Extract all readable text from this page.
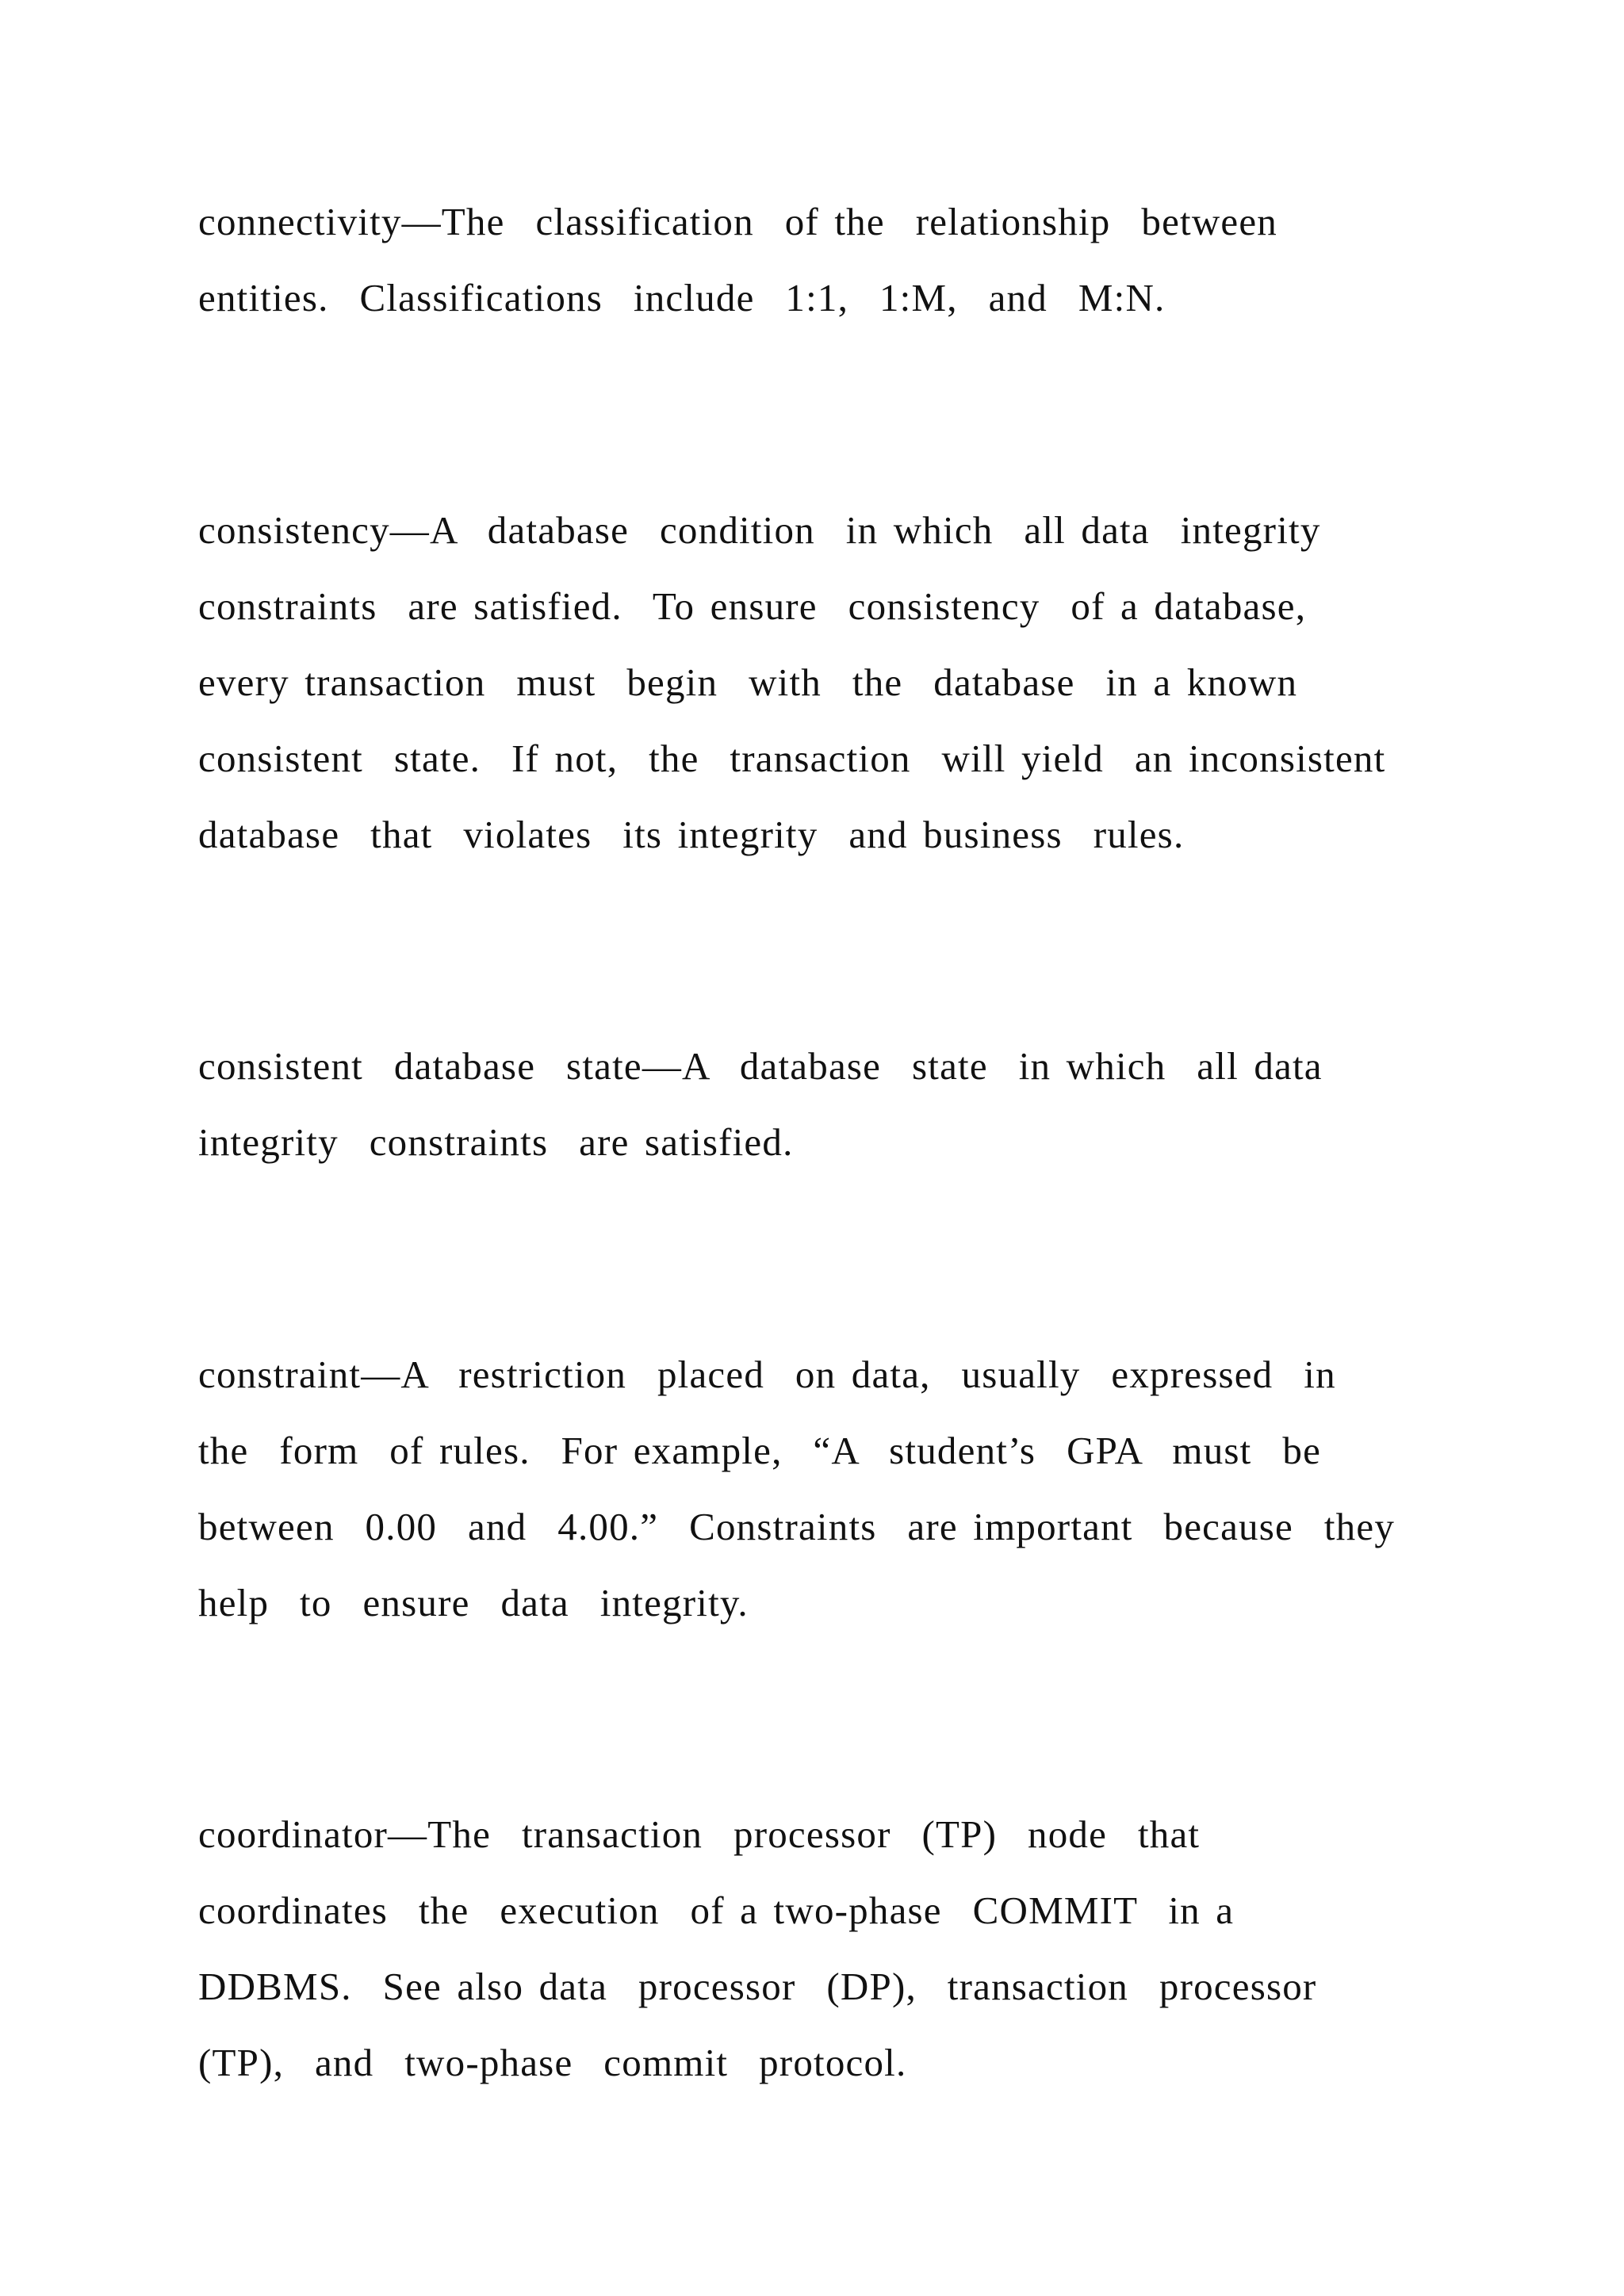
connectivity—The  classification  of the  relationship  between
entities.  Classifications  include  1:1,  1:M,  and  M:N.
consistency—A  database  condition  in which  all data  integrity
constraints  are satisfied.  To ensure  consistency  of a database,
every transaction  must  begin  with  the  database  in a known
consistent  state.  If not,  the  transaction  will yield  an inconsistent
database  that  violates  its integrity  and business  rules.
consistent  database  state—A  database  state  in which  all data
integrity  constraints  are satisfied.
constraint—A  restriction  placed  on data,  usually  expressed  in
the  form  of rules.  For example,  “A  student’s  GPA  must  be
between  0.00  and  4.00.”  Constraints  are important  because  they
help  to  ensure  data  integrity.
coordinator—The  transaction  processor  (TP)  node  that
coordinates  the  execution  of a two-phase  COMMIT  in a
DDBMS.  See also data  processor  (DP),  transaction  processor
(TP),  and  two-phase  commit  protocol.
